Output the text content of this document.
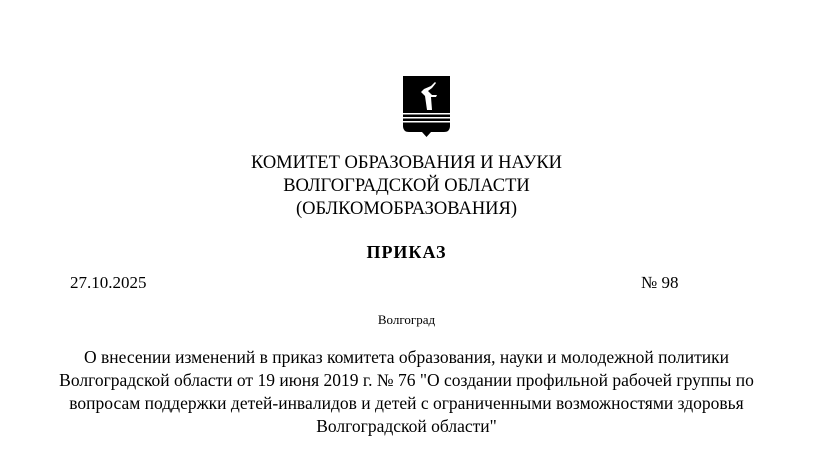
КОМИТЕТ ОБРАЗОВАНИЯ И НАУКИ
ВОЛГОГРАДСКОЙ ОБЛАСТИ
(ОБЛКОМОБРАЗОВАНИЯ)
ПРИКАЗ
27.10.2025	№ 98
Волгоград
О внесении изменений в приказ комитета образования, науки и молодежной политики Волгоградской области от 19 июня 2019 г. № 76 "О создании профильной рабочей группы по вопросам поддержки детей-инвалидов и детей с ограниченными возможностями здоровья Волгоградской области"
